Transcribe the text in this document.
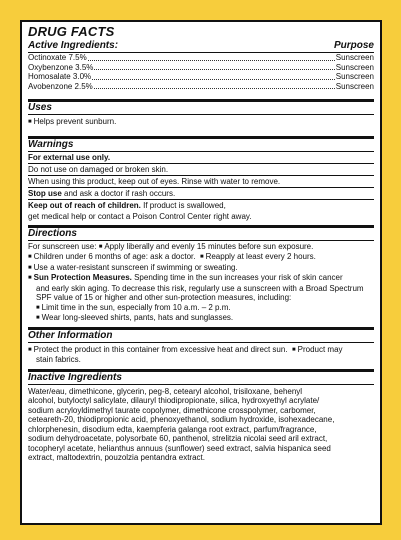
DRUG FACTS
Active Ingredients:	Purpose
Octinoxate 7.5%	Sunscreen
Oxybenzone 3.5%	Sunscreen
Homosalate 3.0%	Sunscreen
Avobenzone 2.5%	Sunscreen
Uses
■ Helps prevent sunburn.
Warnings
For external use only.
Do not use on damaged or broken skin.
When using this product, keep out of eyes. Rinse with water to remove.
Stop use and ask a doctor if rash occurs.
Keep out of reach of children. If product is swallowed,
get medical help or contact a Poison Control Center right away.
Directions
For sunscreen use: ■ Apply liberally and evenly 15 minutes before sun exposure.
■ Children under 6 months of age: ask a doctor. ■ Reapply at least every 2 hours.
■ Use a water-resistant sunscreen if swimming or sweating.
■ Sun Protection Measures. Spending time in the sun increases your risk of skin cancer
and early skin aging. To decrease this risk, regularly use a sunscreen with a Broad Spectrum
SPF value of 15 or higher and other sun-protection measures, including:
■ Limit time in the sun, especially from 10 a.m. – 2 p.m.
■ Wear long-sleeved shirts, pants, hats and sunglasses.
Other Information
■ Protect the product in this container from excessive heat and direct sun. ■ Product may
stain fabrics.
Inactive Ingredients
Water/eau, dimethicone, glycerin, peg-8, cetearyl alcohol, trisiloxane, behenyl
alcohol, butyloctyl salicylate, dilauryl thiodipropionate, silica, hydroxyethyl acrylate/
sodium acryloyldimethyl taurate copolymer, dimethicone crosspolymer, carbomer,
ceteareth-20, thiodipropionic acid, phenoxyethanol, sodium hydroxide, isohexadecane,
chlorphenesin, disodium edta, kaempferia galanga root extract, parfum/fragrance,
sodium dehydroacetate, polysorbate 60, panthenol, strelitzia nicolai seed aril extract,
tocopheryl acetate, helianthus annuus (sunflower) seed extract, salvia hispanica seed
extract, maltodextrin, pouzolzia pentandra extract.
